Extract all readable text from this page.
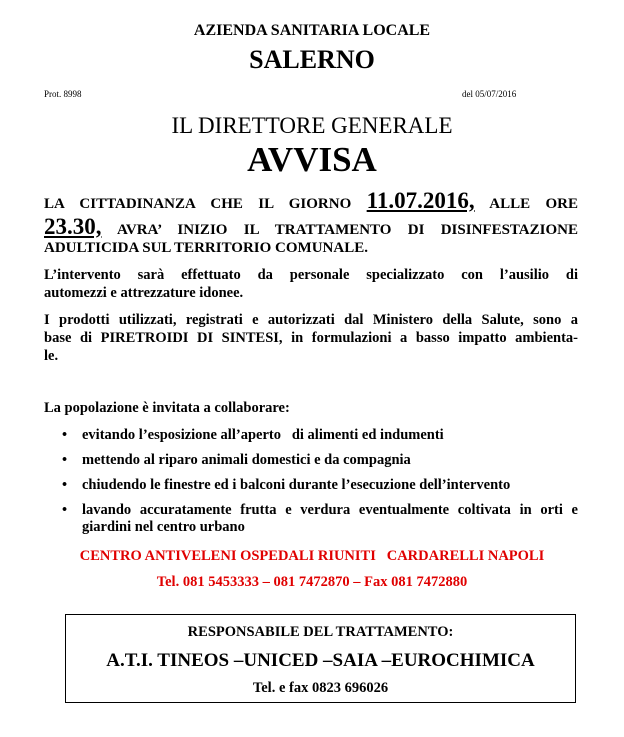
AZIENDA SANITARIA LOCALE
SALERNO
Prot. 8998	del 05/07/2016
IL DIRETTORE GENERALE
AVVISA
LA CITTADINANZA CHE IL GIORNO 11.07.2016, ALLE ORE
23.30, AVRA’ INIZIO IL TRATTAMENTO DI DISINFESTAZIONE
ADULTICIDA SUL TERRITORIO COMUNALE.
L’intervento sarà effettuato da personale specializzato con l’ausilio di
automezzi e attrezzature idonee.
I prodotti utilizzati, registrati e autorizzati dal Ministero della Salute, sono a
base di PIRETROIDI DI SINTESI, in formulazioni a basso impatto ambienta-
le.
La popolazione è invitata a collaborare:
• evitando l’esposizione all’aperto   di alimenti ed indumenti
• mettendo al riparo animali domestici e da compagnia
• chiudendo le finestre ed i balconi durante l’esecuzione dell’intervento
• lavando accuratamente frutta e verdura eventualmente coltivata in orti e giardini nel centro urbano
CENTRO ANTIVELENI OSPEDALI RIUNITI   CARDARELLI NAPOLI
Tel. 081 5453333 – 081 7472870 – Fax 081 7472880
RESPONSABILE DEL TRATTAMENTO:
A.T.I. TINEOS –UNICED –SAIA –EUROCHIMICA
Tel. e fax 0823 696026
